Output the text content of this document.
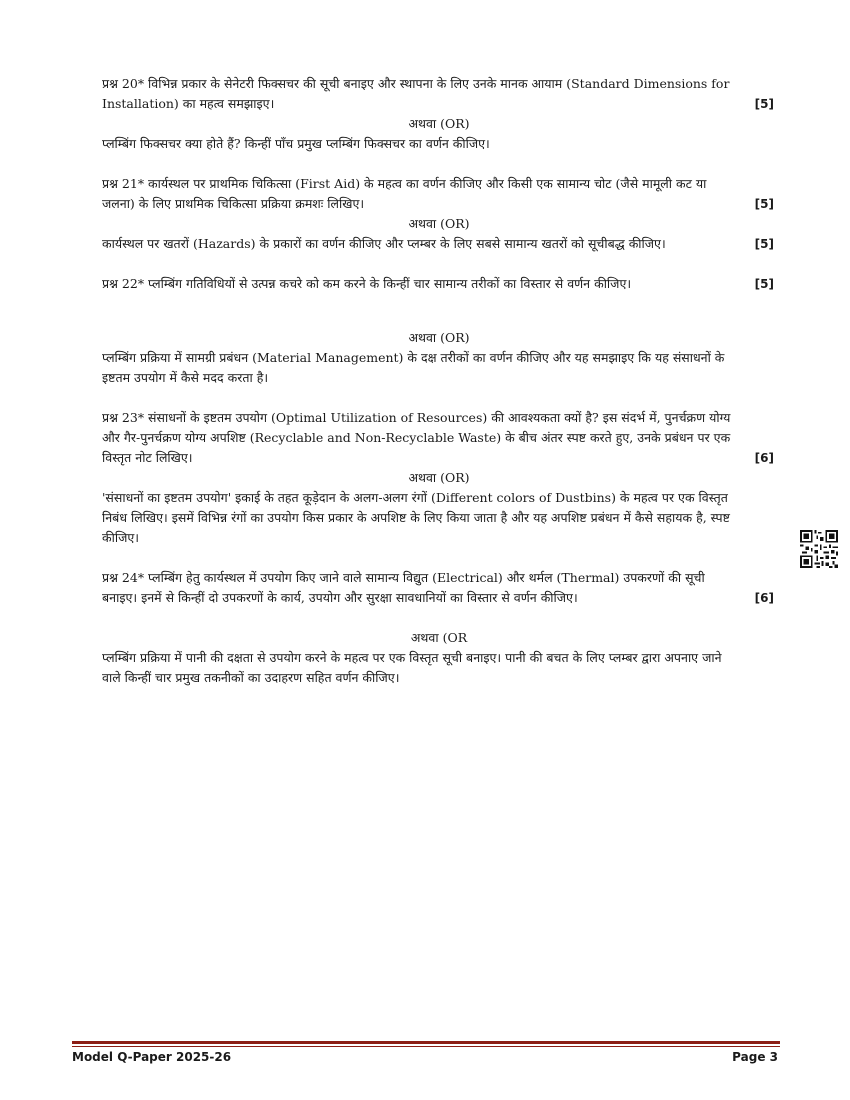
प्रश्न 20* विभिन्न प्रकार के सेनेटरी फिक्सचर की सूची बनाइए और स्थापना के लिए उनके मानक आयाम (Standard Dimensions for Installation) का महत्व समझाइए।	[5]

अथवा (OR)

प्लम्बिंग फिक्सचर क्या होते हैं? किन्हीं पाँच प्रमुख प्लम्बिंग फिक्सचर का वर्णन कीजिए।

प्रश्न 21* कार्यस्थल पर प्राथमिक चिकित्सा (First Aid) के महत्व का वर्णन कीजिए और किसी एक सामान्य चोट (जैसे मामूली कट या जलना) के लिए प्राथमिक चिकित्सा प्रक्रिया क्रमशः लिखिए।	[5]

अथवा (OR)

कार्यस्थल पर खतरों (Hazards) के प्रकारों का वर्णन कीजिए और प्लम्बर के लिए सबसे सामान्य खतरों को सूचीबद्ध कीजिए।	[5]

प्रश्न 22* प्लम्बिंग गतिविधियों से उत्पन्न कचरे को कम करने के किन्हीं चार सामान्य तरीकों का विस्तार से वर्णन कीजिए।	[5]

अथवा (OR)

प्लम्बिंग प्रक्रिया में सामग्री प्रबंधन (Material Management) के दक्ष तरीकों का वर्णन कीजिए और यह समझाइए कि यह संसाधनों के इष्टतम उपयोग में कैसे मदद करता है।

प्रश्न 23* संसाधनों के इष्टतम उपयोग (Optimal Utilization of Resources) की आवश्यकता क्यों है? इस संदर्भ में, पुनर्चक्रण योग्य और गैर-पुनर्चक्रण योग्य अपशिष्ट (Recyclable and Non-Recyclable Waste) के बीच अंतर स्पष्ट करते हुए, उनके प्रबंधन पर एक विस्तृत नोट लिखिए।	[6]

अथवा (OR)

'संसाधनों का इष्टतम उपयोग' इकाई के तहत कूड़ेदान के अलग-अलग रंगों (Different colors of Dustbins) के महत्व पर एक विस्तृत निबंध लिखिए। इसमें विभिन्न रंगों का उपयोग किस प्रकार के अपशिष्ट के लिए किया जाता है और यह अपशिष्ट प्रबंधन में कैसे सहायक है, स्पष्ट कीजिए।

प्रश्न 24* प्लम्बिंग हेतु कार्यस्थल में उपयोग किए जाने वाले सामान्य विद्युत (Electrical) और थर्मल (Thermal) उपकरणों की सूची बनाइए। इनमें से किन्हीं दो उपकरणों के कार्य, उपयोग और सुरक्षा सावधानियों का विस्तार से वर्णन कीजिए।	[6]

अथवा (OR

प्लम्बिंग प्रक्रिया में पानी की दक्षता से उपयोग करने के महत्व पर एक विस्तृत सूची बनाइए। पानी की बचत के लिए प्लम्बर द्वारा अपनाए जाने वाले किन्हीं चार प्रमुख तकनीकों का उदाहरण सहित वर्णन कीजिए।

Model Q-Paper 2025-26	Page 3
